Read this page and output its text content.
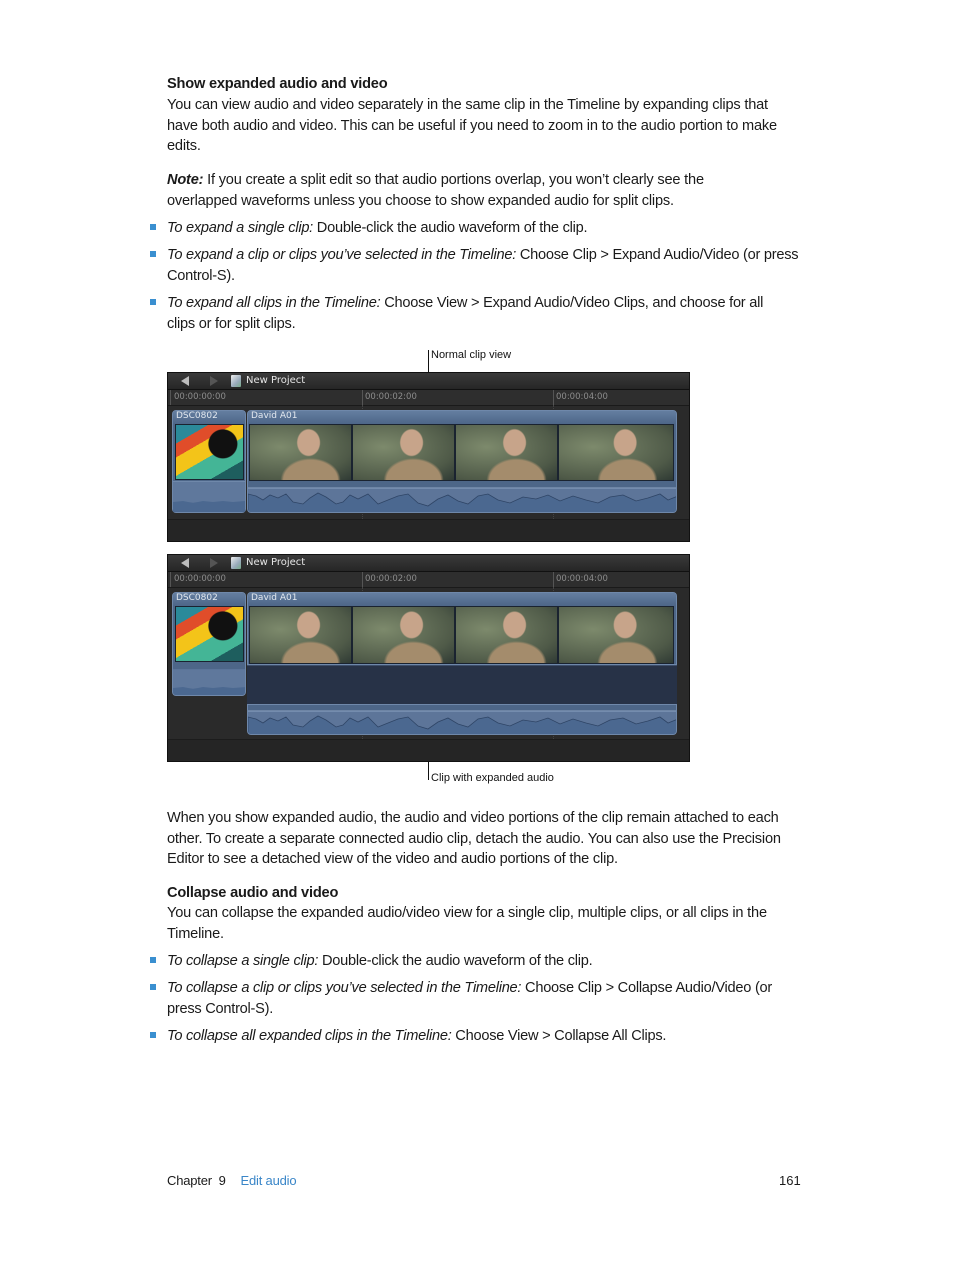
Show expanded audio and video
You can view audio and video separately in the same clip in the Timeline by expanding clips that have both audio and video. This can be useful if you need to zoom in to the audio portion to make edits.
Note: If you create a split edit so that audio portions overlap, you won’t clearly see the overlapped waveforms unless you choose to show expanded audio for split clips.
To expand a single clip: Double-click the audio waveform of the clip.
To expand a clip or clips you’ve selected in the Timeline: Choose Clip > Expand Audio/Video (or press Control-S).
To expand all clips in the Timeline: Choose View > Expand Audio/Video Clips, and choose for all clips or for split clips.
Normal clip view
New Project
00:00:00:00	00:00:02:00	00:00:04:00
DSC0802	David A01
New Project
00:00:00:00	00:00:02:00	00:00:04:00
DSC0802	David A01
Clip with expanded audio
When you show expanded audio, the audio and video portions of the clip remain attached to each other. To create a separate connected audio clip, detach the audio. You can also use the Precision Editor to see a detached view of the video and audio portions of the clip.
Collapse audio and video
You can collapse the expanded audio/video view for a single clip, multiple clips, or all clips in the Timeline.
To collapse a single clip: Double-click the audio waveform of the clip.
To collapse a clip or clips you’ve selected in the Timeline: Choose Clip > Collapse Audio/Video (or press Control-S).
To collapse all expanded clips in the Timeline: Choose View > Collapse All Clips.
Chapter  9 Edit audio	161
